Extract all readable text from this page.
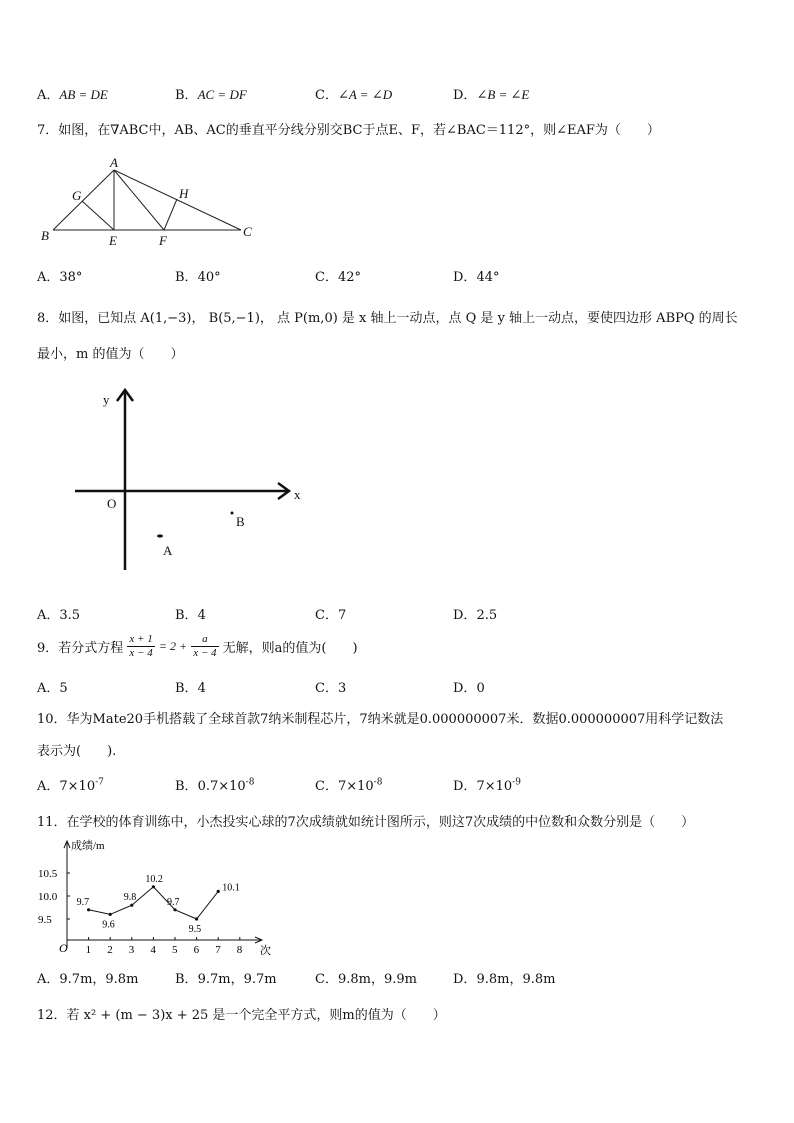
A．AB = DE	B．AC = DF	C．∠A = ∠D	D．∠B = ∠E
7．如图，在∇ABC中，AB、AC的垂直平分线分别交BC于点E、F，若∠BAC＝112°，则∠EAF为（　　）
A
B	C
E	F
G	H
A．38°	B．40°	C．42°	D．44°
8．如图，已知点 A(1,−3)， B(5,−1)， 点 P(m,0) 是 x 轴上一动点，点 Q 是 y 轴上一动点，要使四边形 ABPQ 的周长
最小，m 的值为（　　）
y
x
O
B
A
A．3.5	B．4	C．7	D．2.5
9．若分式方程 $\frac{x + 1}{x - 4} = 2 + \frac{a}{x - 4}$ 无解，则a的值为(　　)
A．5	B．4	C．3	D．0
10．华为Mate20手机搭载了全球首款7纳米制程芯片，7纳米就是0.000000007米．数据0.000000007用科学记数法
表示为(　　).
A．$7\times 10^{-7}$	B．$0.7\times 10^{-8}$	C．$7\times 10^{-8}$	D．$7\times 10^{-9}$
11．在学校的体育训练中，小杰投实心球的7次成绩就如统计图所示，则这7次成绩的中位数和众数分别是（　　）
成绩/m
次
O 1 2 3 4 5 6 7 8
9.5
10.0
10.5
9.7
9.6
9.8
10.2
9.7
9.5
10.1
A．9.7m，9.8m	B．9.7m，9.7m	C．9.8m，9.9m	D．9.8m，9.8m
12．若 x² + (m − 3)x + 25 是一个完全平方式，则m的值为（　　）
